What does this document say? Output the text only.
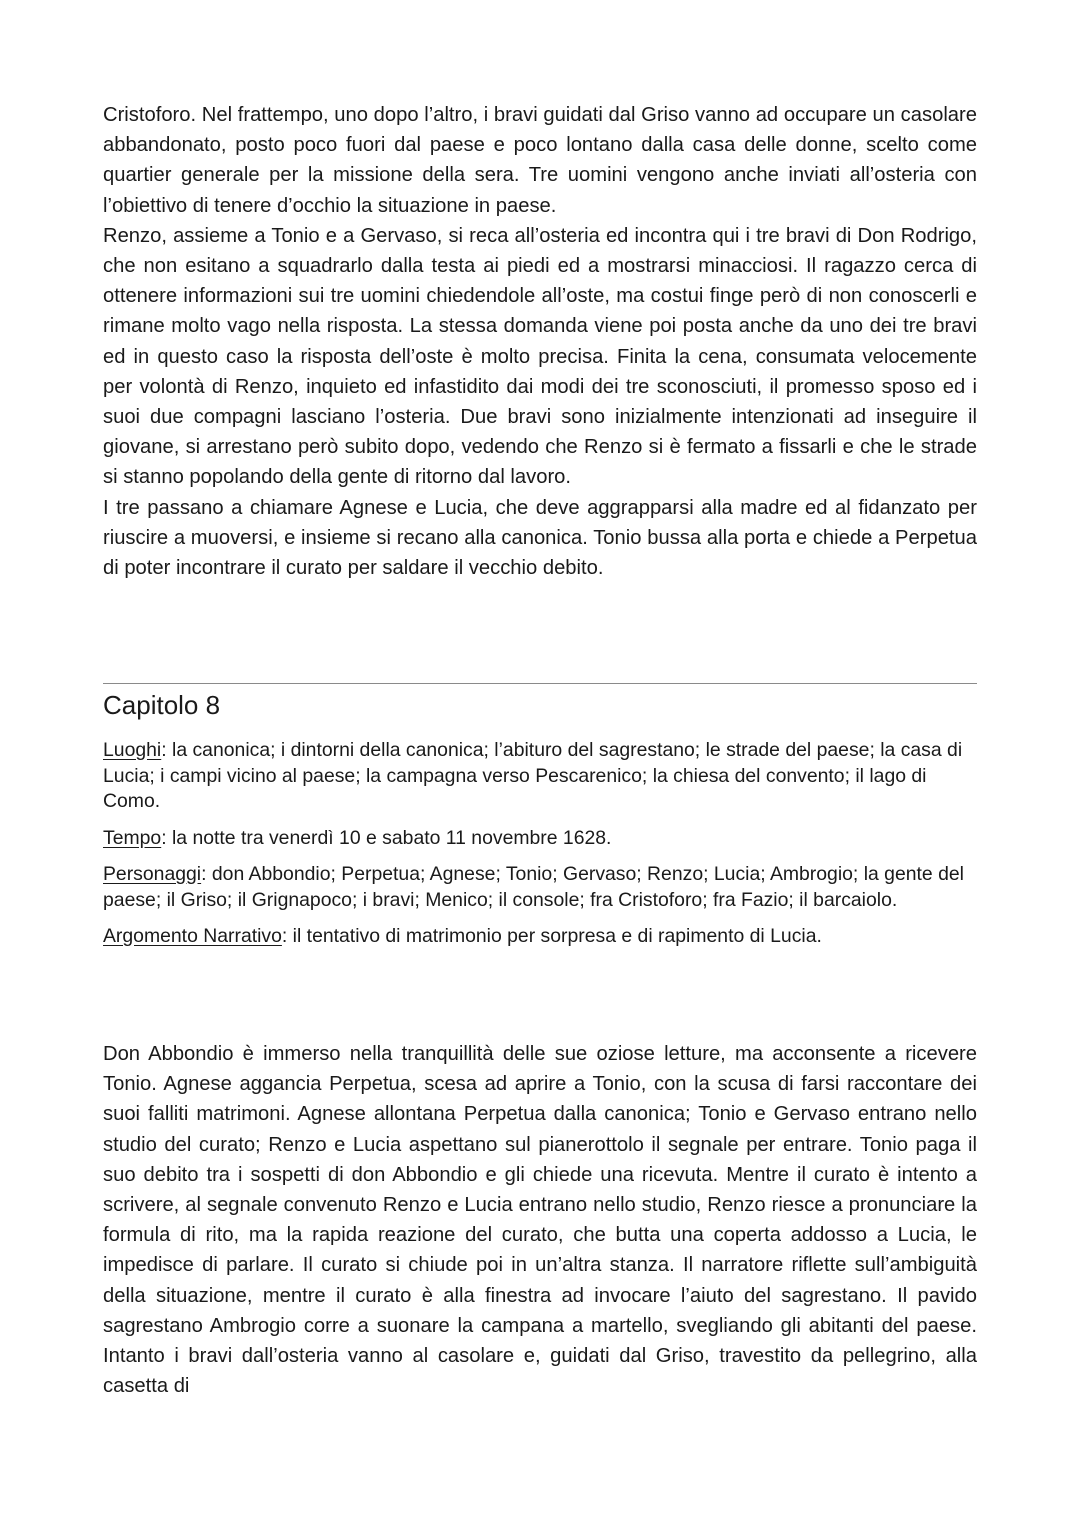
Cristoforo. Nel frattempo, uno dopo l’altro, i bravi guidati dal Griso vanno ad occupare un casolare abbandonato, posto poco fuori dal paese e poco lontano dalla casa delle donne, scelto come quartier generale per la missione della sera. Tre uomini vengono anche inviati all’osteria con l’obiettivo di tenere d’occhio la situazione in paese.

Renzo, assieme a Tonio e a Gervaso, si reca all’osteria ed incontra qui i tre bravi di Don Rodrigo, che non esitano a squadrarlo dalla testa ai piedi ed a mostrarsi minacciosi. Il ragazzo cerca di ottenere informazioni sui tre uomini chiedendole all’oste, ma costui finge però di non conoscerli e rimane molto vago nella risposta. La stessa domanda viene poi posta anche da uno dei tre bravi ed in questo caso la risposta dell’oste è molto precisa. Finita la cena, consumata velocemente per volontà di Renzo, inquieto ed infastidito dai modi dei tre sconosciuti, il promesso sposo ed i suoi due compagni lasciano l’osteria. Due bravi sono inizialmente intenzionati ad inseguire il giovane, si arrestano però subito dopo, vedendo che Renzo si è fermato a fissarli e che le strade si stanno popolando della gente di ritorno dal lavoro.

I tre passano a chiamare Agnese e Lucia, che deve aggrapparsi alla madre ed al fidanzato per riuscire a muoversi, e insieme si recano alla canonica. Tonio bussa alla porta e chiede a Perpetua di poter incontrare il curato per saldare il vecchio debito.

Capitolo 8

Luoghi: la canonica; i dintorni della canonica; l’abituro del sagrestano; le strade del paese; la casa di Lucia; i campi vicino al paese; la campagna verso Pescarenico; la chiesa del convento; il lago di Como.

Tempo: la notte tra venerdì 10 e sabato 11 novembre 1628.

Personaggi: don Abbondio; Perpetua; Agnese; Tonio; Gervaso; Renzo; Lucia; Ambrogio; la gente del paese; il Griso; il Grignapoco; i bravi; Menico; il console; fra Cristoforo; fra Fazio; il barcaiolo.

Argomento Narrativo: il tentativo di matrimonio per sorpresa e di rapimento di Lucia.

Don Abbondio è immerso nella tranquillità delle sue oziose letture, ma acconsente a ricevere Tonio. Agnese aggancia Perpetua, scesa ad aprire a Tonio, con la scusa di farsi raccontare dei suoi falliti matrimoni. Agnese allontana Perpetua dalla canonica; Tonio e Gervaso entrano nello studio del curato; Renzo e Lucia aspettano sul pianerottolo il segnale per entrare. Tonio paga il suo debito tra i sospetti di don Abbondio e gli chiede una ricevuta. Mentre il curato è intento a scrivere, al segnale convenuto Renzo e Lucia entrano nello studio, Renzo riesce a pronunciare la formula di rito, ma la rapida reazione del curato, che butta una coperta addosso a Lucia, le impedisce di parlare. Il curato si chiude poi in un’altra stanza. Il narratore riflette sull’ambiguità della situazione, mentre il curato è alla finestra ad invocare l’aiuto del sagrestano. Il pavido sagrestano Ambrogio corre a suonare la campana a martello, svegliando gli abitanti del paese. Intanto i bravi dall’osteria vanno al casolare e, guidati dal Griso, travestito da pellegrino, alla casetta di
